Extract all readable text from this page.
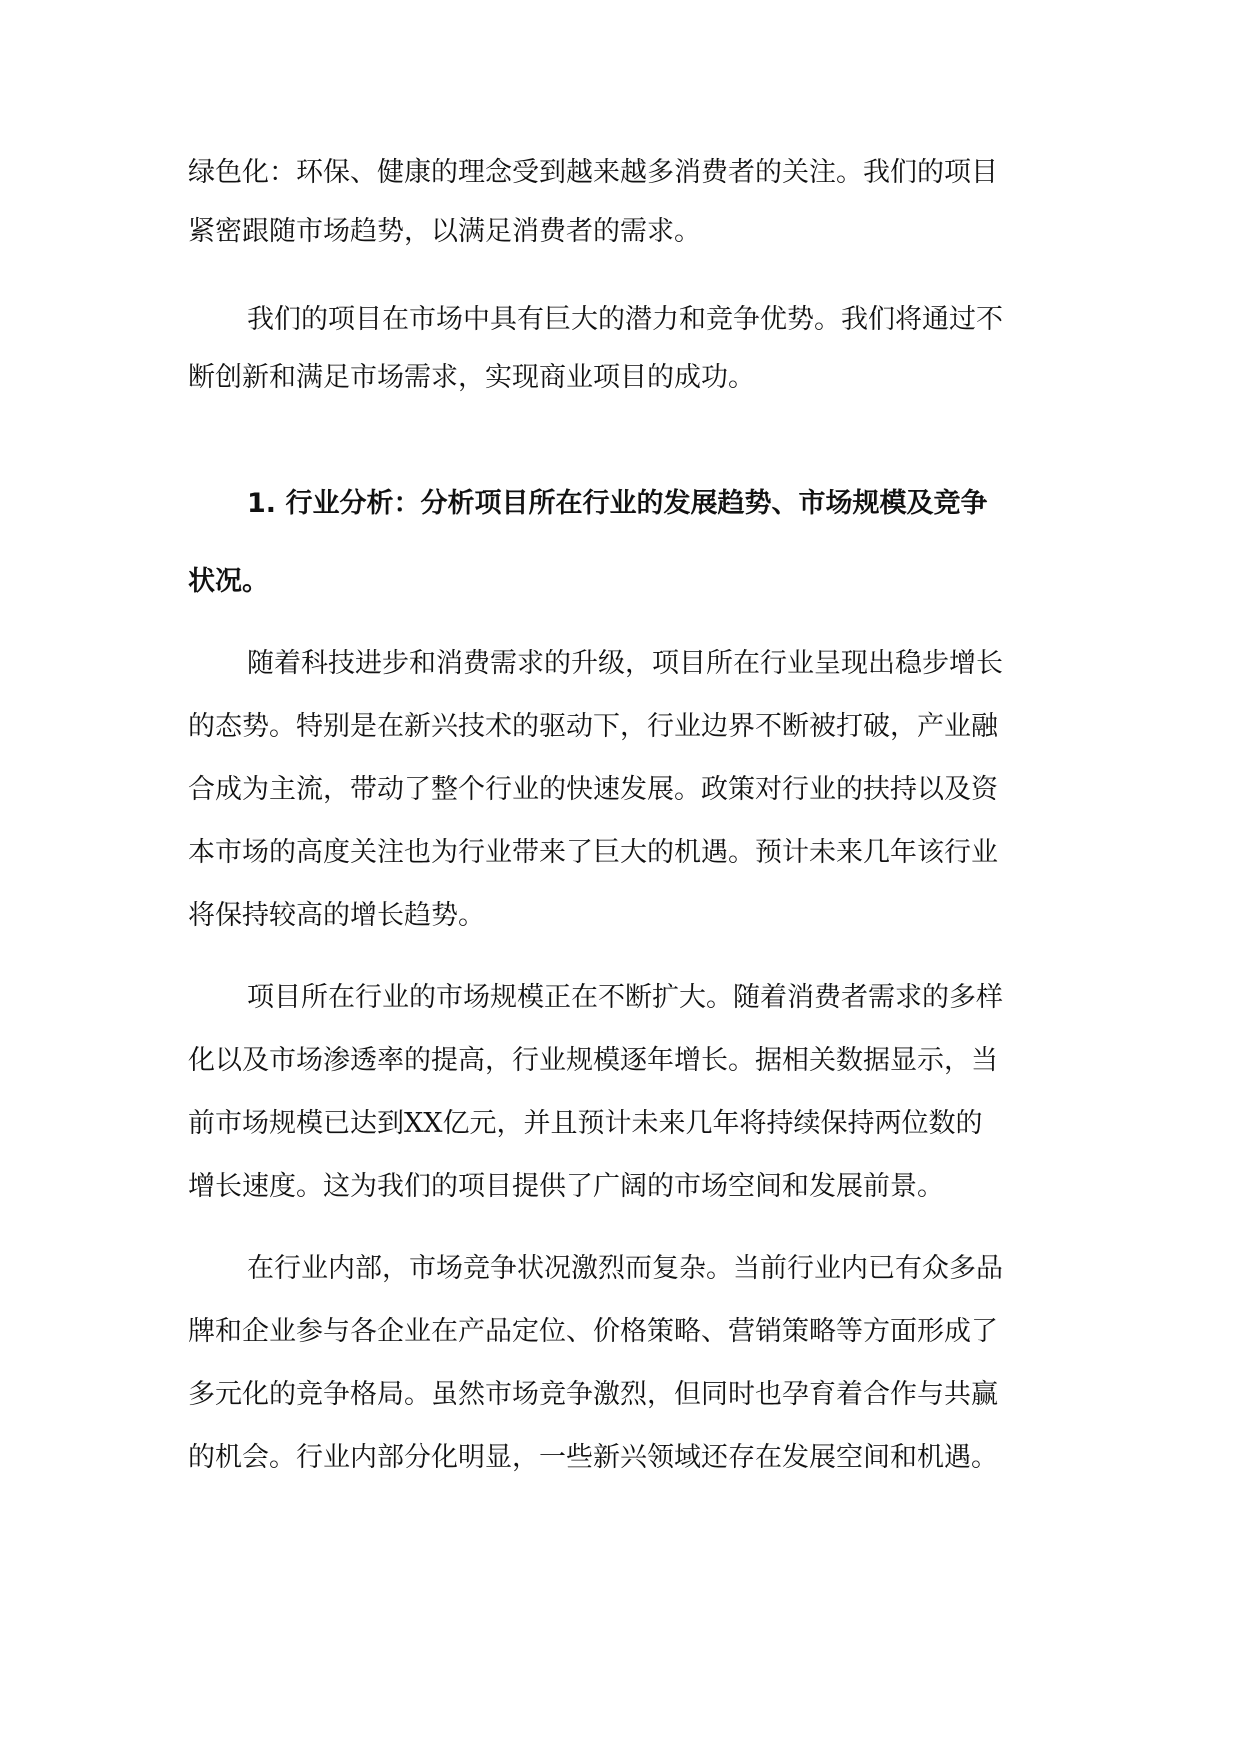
绿色化：环保、健康的理念受到越来越多消费者的关注。我们的项目
紧密跟随市场趋势，以满足消费者的需求。
我们的项目在市场中具有巨大的潜力和竞争优势。我们将通过不
断创新和满足市场需求，实现商业项目的成功。
1. 行业分析：分析项目所在行业的发展趋势、市场规模及竞争
状况。
随着科技进步和消费需求的升级，项目所在行业呈现出稳步增长
的态势。特别是在新兴技术的驱动下，行业边界不断被打破，产业融
合成为主流，带动了整个行业的快速发展。政策对行业的扶持以及资
本市场的高度关注也为行业带来了巨大的机遇。预计未来几年该行业
将保持较高的增长趋势。
项目所在行业的市场规模正在不断扩大。随着消费者需求的多样
化以及市场渗透率的提高，行业规模逐年增长。据相关数据显示，当
前市场规模已达到XX亿元，并且预计未来几年将持续保持两位数的
增长速度。这为我们的项目提供了广阔的市场空间和发展前景。
在行业内部，市场竞争状况激烈而复杂。当前行业内已有众多品
牌和企业参与各企业在产品定位、价格策略、营销策略等方面形成了
多元化的竞争格局。虽然市场竞争激烈，但同时也孕育着合作与共赢
的机会。行业内部分化明显，一些新兴领域还存在发展空间和机遇。
